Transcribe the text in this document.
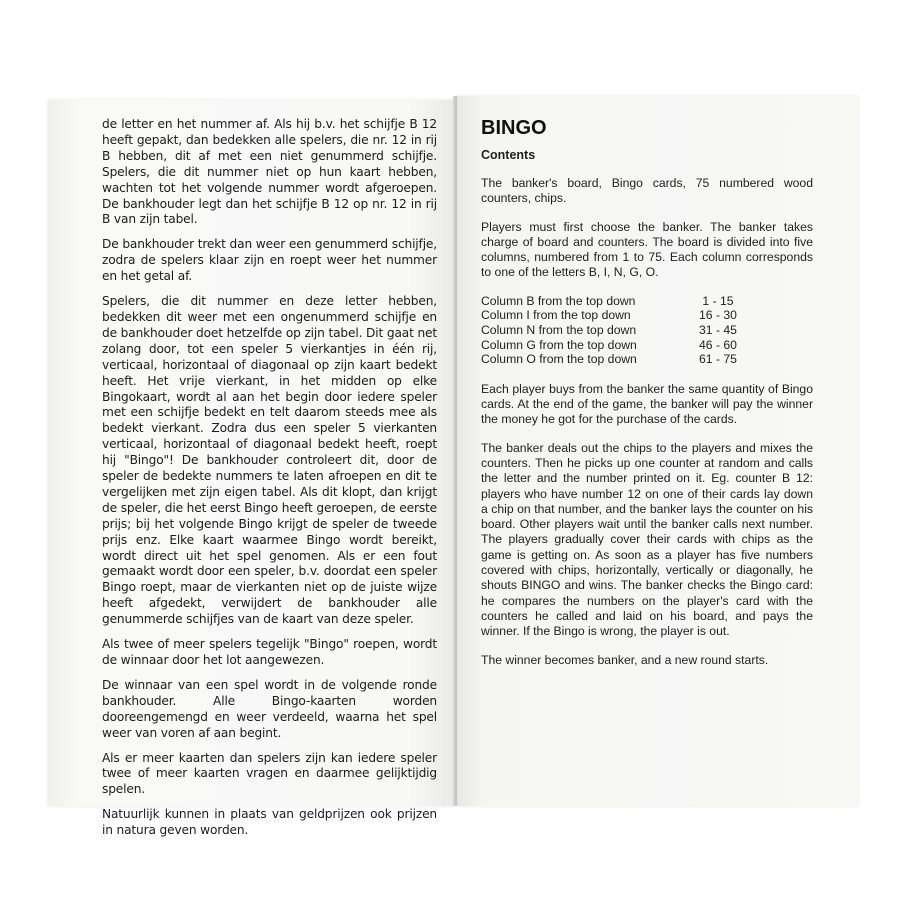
de letter en het nummer af. Als hij b.v. het schijfje B 12 heeft gepakt, dan bedekken alle spelers, die nr. 12 in rij B hebben, dit af met een niet genummerd schijfje. Spelers, die dit nummer niet op hun kaart hebben, wachten tot het volgende nummer wordt afgeroepen. De bankhouder legt dan het schijfje B 12 op nr. 12 in rij B van zijn tabel.

De bankhouder trekt dan weer een genummerd schijfje, zodra de spelers klaar zijn en roept weer het nummer en het getal af.

Spelers, die dit nummer en deze letter hebben, bedekken dit weer met een ongenummerd schijfje en de bankhouder doet hetzelfde op zijn tabel. Dit gaat net zolang door, tot een speler 5 vierkantjes in één rij, verticaal, horizontaal of diagonaal op zijn kaart bedekt heeft. Het vrije vierkant, in het midden op elke Bingokaart, wordt al aan het begin door iedere speler met een schijfje bedekt en telt daarom steeds mee als bedekt vierkant. Zodra dus een speler 5 vierkanten verticaal, horizontaal of diagonaal bedekt heeft, roept hij "Bingo"! De bankhouder controleert dit, door de speler de bedekte nummers te laten afroepen en dit te vergelijken met zijn eigen tabel. Als dit klopt, dan krijgt de speler, die het eerst Bingo heeft geroepen, de eerste prijs; bij het volgende Bingo krijgt de speler de tweede prijs enz. Elke kaart waarmee Bingo wordt bereikt, wordt direct uit het spel genomen. Als er een fout gemaakt wordt door een speler, b.v. doordat een speler Bingo roept, maar de vierkanten niet op de juiste wijze heeft afgedekt, verwijdert de bankhouder alle genummerde schijfjes van de kaart van deze speler.

Als twee of meer spelers tegelijk "Bingo" roepen, wordt de winnaar door het lot aangewezen.

De winnaar van een spel wordt in de volgende ronde bankhouder. Alle Bingo-kaarten worden dooreengemengd en weer verdeeld, waarna het spel weer van voren af aan begint.

Als er meer kaarten dan spelers zijn kan iedere speler twee of meer kaarten vragen en daarmee gelijktijdig spelen.

Natuurlijk kunnen in plaats van geldprijzen ook prijzen in natura geven worden.

BINGO
Contents

The banker's board, Bingo cards, 75 numbered wood counters, chips.

Players must first choose the banker. The banker takes charge of board and counters. The board is divided into five columns, numbered from 1 to 75. Each column corresponds to one of the letters B, I, N, G, O.

Column B from the top down	1 - 15
Column I from the top down	16 - 30
Column N from the top down	31 - 45
Column G from the top down	46 - 60
Column O from the top down	61 - 75

Each player buys from the banker the same quantity of Bingo cards. At the end of the game, the banker will pay the winner the money he got for the purchase of the cards.

The banker deals out the chips to the players and mixes the counters. Then he picks up one counter at random and calls the letter and the number printed on it. Eg. counter B 12: players who have number 12 on one of their cards lay down a chip on that number, and the banker lays the counter on his board. Other players wait until the banker calls next number. The players gradually cover their cards with chips as the game is getting on. As soon as a player has five numbers covered with chips, horizontally, vertically or diagonally, he shouts BINGO and wins. The banker checks the Bingo card: he compares the numbers on the player's card with the counters he called and laid on his board, and pays the winner. If the Bingo is wrong, the player is out.

The winner becomes banker, and a new round starts.
